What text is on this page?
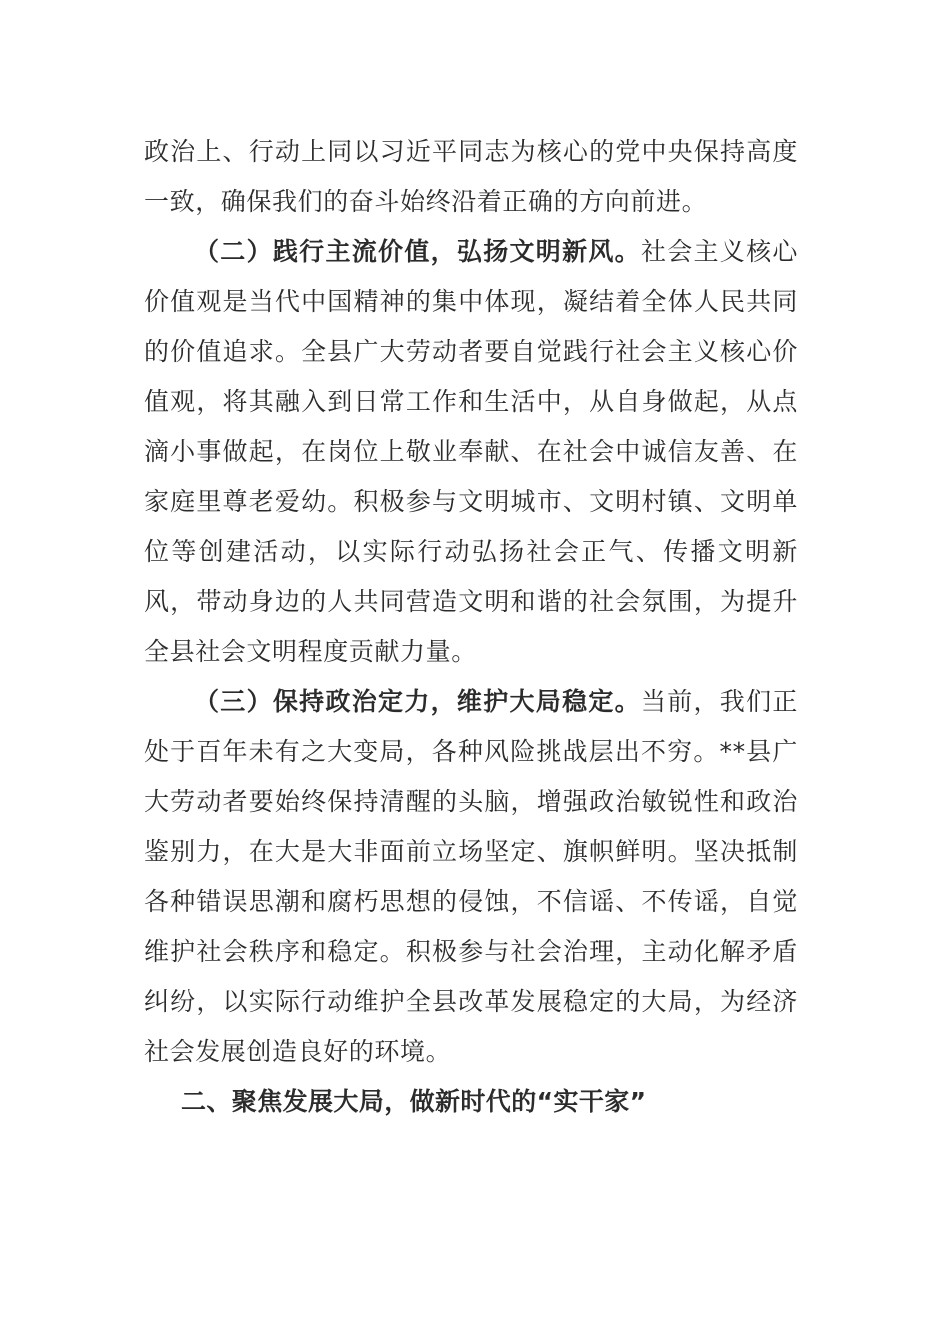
政治上、行动上同以习近平同志为核心的党中央保持高度一致，确保我们的奋斗始终沿着正确的方向前进。

（二）践行主流价值，弘扬文明新风。社会主义核心价值观是当代中国精神的集中体现，凝结着全体人民共同的价值追求。全县广大劳动者要自觉践行社会主义核心价值观，将其融入到日常工作和生活中，从自身做起，从点滴小事做起，在岗位上敬业奉献、在社会中诚信友善、在家庭里尊老爱幼。积极参与文明城市、文明村镇、文明单位等创建活动，以实际行动弘扬社会正气、传播文明新风，带动身边的人共同营造文明和谐的社会氛围，为提升全县社会文明程度贡献力量。

（三）保持政治定力，维护大局稳定。当前，我们正处于百年未有之大变局，各种风险挑战层出不穷。**县广大劳动者要始终保持清醒的头脑，增强政治敏锐性和政治鉴别力，在大是大非面前立场坚定、旗帜鲜明。坚决抵制各种错误思潮和腐朽思想的侵蚀，不信谣、不传谣，自觉维护社会秩序和稳定。积极参与社会治理，主动化解矛盾纠纷，以实际行动维护全县改革发展稳定的大局，为经济社会发展创造良好的环境。

二、聚焦发展大局，做新时代的“实干家”
